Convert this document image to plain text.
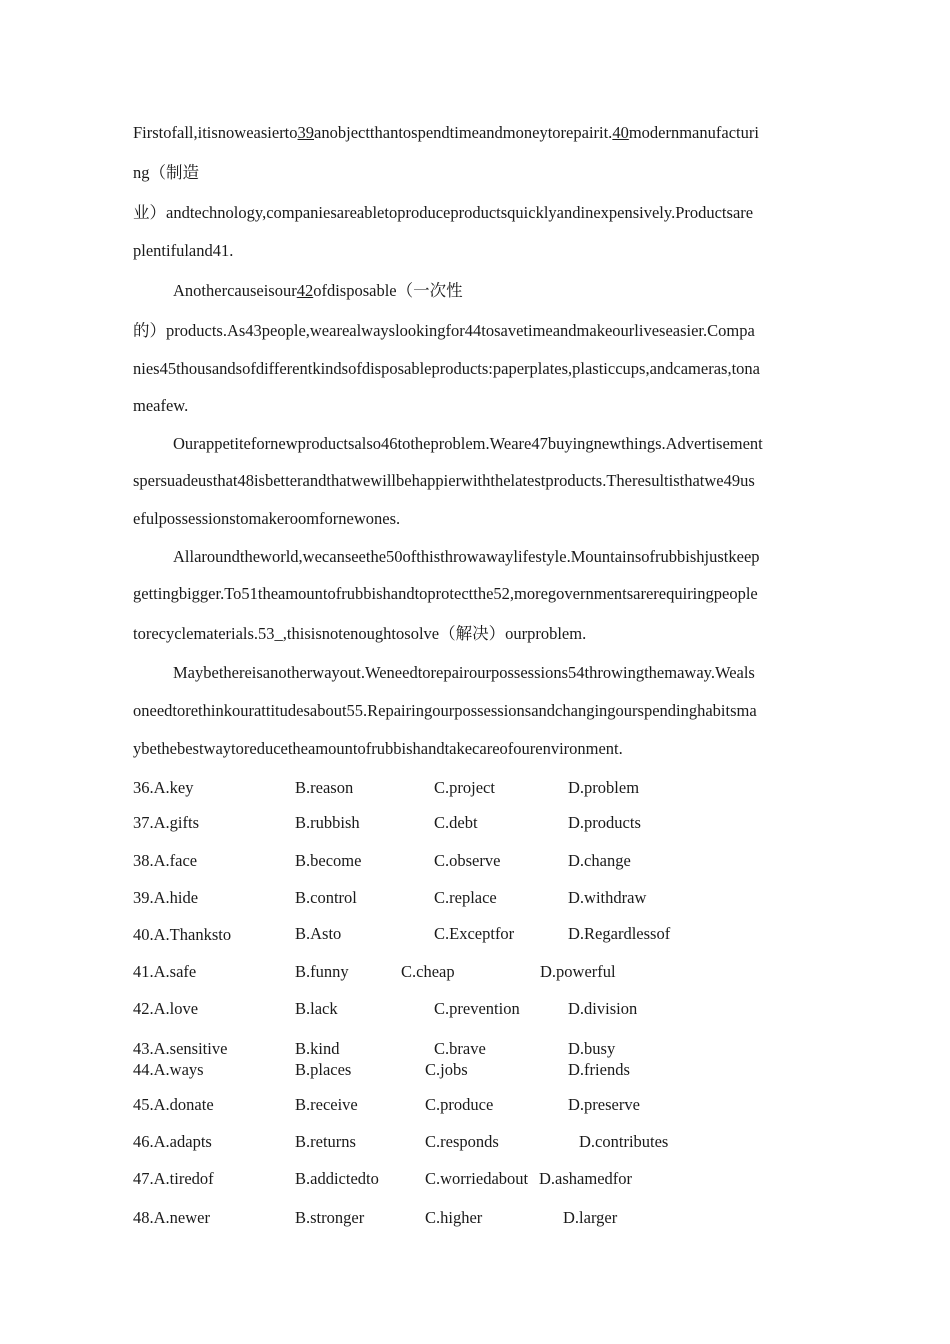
Firstofall,itisnoweasierto39anobjectthantospendtimeandmoneytorepairit.40modernmanufacturi
ng（制造
业）andtechnology,companiesareabletoproduceproductsquicklyandinexpensively.Productsare
plentifuland41.
Anothercauseisour42ofdisposable（一次性
的）products.As43people,wearealwayslookingfor44tosavetimeandmakeourliveseasier.Compa
nies45thousandsofdifferentkindsofdisposableproducts:paperplates,plasticcups,andcameras,tona
meafew.
Ourappetitefornewproductsalso46totheproblem.Weare47buyingnewthings.Advertisement
spersuadeusthat48isbetterandthatwewillbehappierwiththelatestproducts.Theresultisthatwe49us
efulpossessionstomakeroomfornewones.
Allaroundtheworld,wecanseethe50ofthisthrowawaylifestyle.Mountainsofrubbishjustkeep
gettingbigger.To51theamountofrubbishandtoprotectthe52,moregovernmentsarerequiringpeople
torecyclematerials.53_,thisisnotenoughtosolve（解决）ourproblem.
Maybethereisanotherwayout.Weneedtorepairourpossessions54throwingthemaway.Weals
oneedtorethinkourattitudesabout55.Repairingourpossessionsandchangingourspendinghabitsma
ybethebestwaytoreducetheamountofrubbishandtakecareofourenvironment.
36.A.key	B.reason	C.project	D.problem
37.A.gifts	B.rubbish	C.debt	D.products
38.A.face	B.become	C.observe	D.change
39.A.hide	B.control	C.replace	D.withdraw
40.A.Thanksto	B.Asto	C.Exceptfor	D.Regardlessof
41.A.safe	B.funny	C.cheap	D.powerful
42.A.love	B.lack	C.prevention	D.division
43.A.sensitive	B.kind	C.brave	D.busy
44.A.ways	B.places	C.jobs	D.friends
45.A.donate	B.receive	C.produce	D.preserve
46.A.adapts	B.returns	C.responds	D.contributes
47.A.tiredof	B.addictedto	C.worriedabout D.ashamedfor
48.A.newer	B.stronger	C.higher	D.larger
